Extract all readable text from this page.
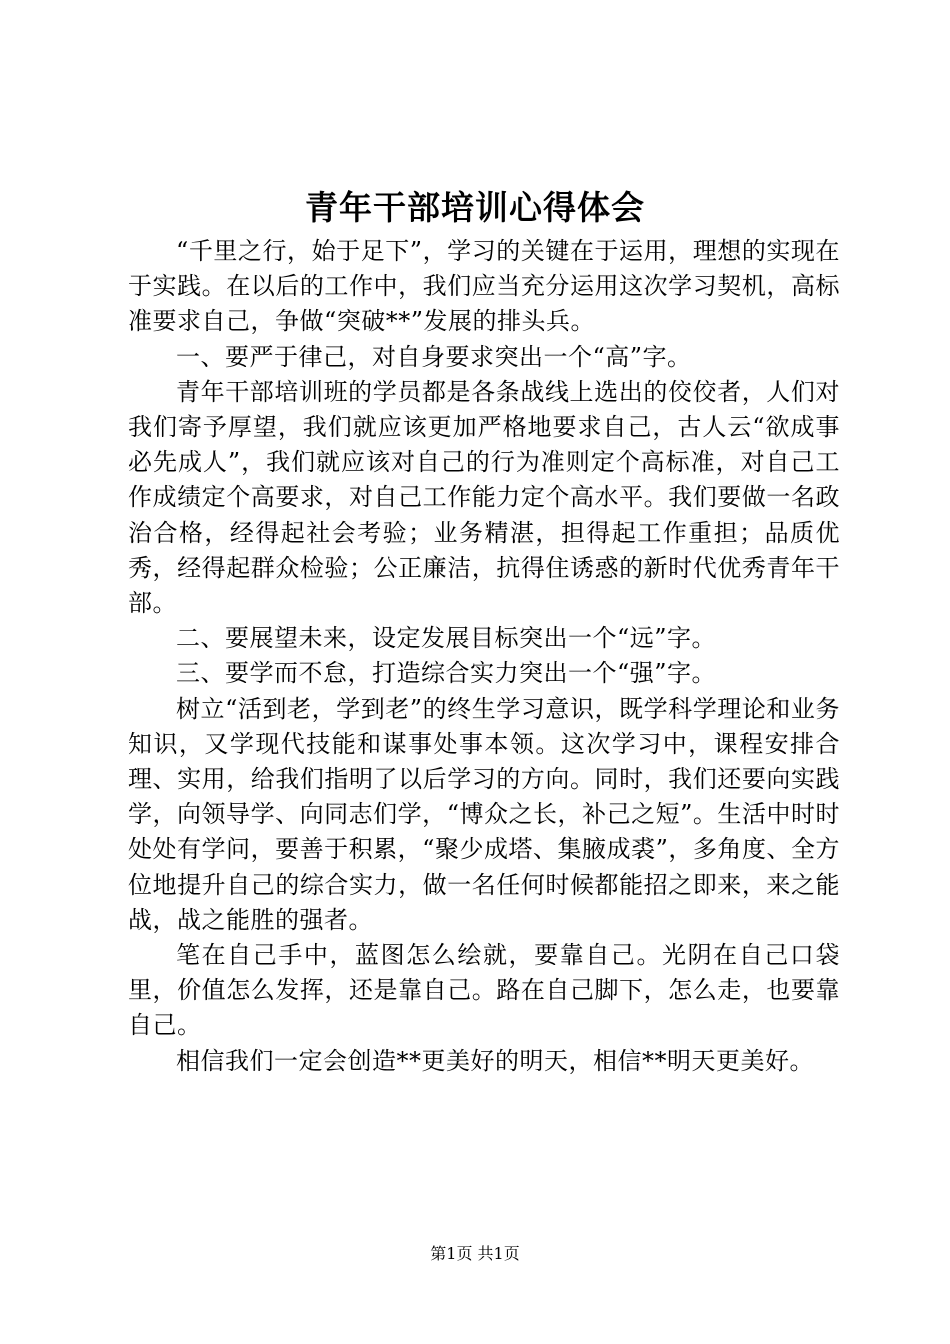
青年干部培训心得体会

“千里之行，始于足下”，学习的关键在于运用，理想的实现在于实践。在以后的工作中，我们应当充分运用这次学习契机，高标准要求自己，争做“突破**”发展的排头兵。

一、要严于律己，对自身要求突出一个“高”字。

青年干部培训班的学员都是各条战线上选出的佼佼者，人们对我们寄予厚望，我们就应该更加严格地要求自己，古人云“欲成事必先成人”，我们就应该对自己的行为准则定个高标准，对自己工作成绩定个高要求，对自己工作能力定个高水平。我们要做一名政治合格，经得起社会考验；业务精湛，担得起工作重担；品质优秀，经得起群众检验；公正廉洁，抗得住诱惑的新时代优秀青年干部。

二、要展望未来，设定发展目标突出一个“远”字。

三、要学而不怠，打造综合实力突出一个“强”字。

树立“活到老，学到老”的终生学习意识，既学科学理论和业务知识，又学现代技能和谋事处事本领。这次学习中，课程安排合理、实用，给我们指明了以后学习的方向。同时，我们还要向实践学，向领导学、向同志们学，“博众之长，补己之短”。生活中时时处处有学问，要善于积累，“聚少成塔、集腋成裘”，多角度、全方位地提升自己的综合实力，做一名任何时候都能招之即来，来之能战，战之能胜的强者。

笔在自己手中，蓝图怎么绘就，要靠自己。光阴在自己口袋里，价值怎么发挥，还是靠自己。路在自己脚下，怎么走，也要靠自己。

相信我们一定会创造**更美好的明天，相信**明天更美好。

第1页 共1页
